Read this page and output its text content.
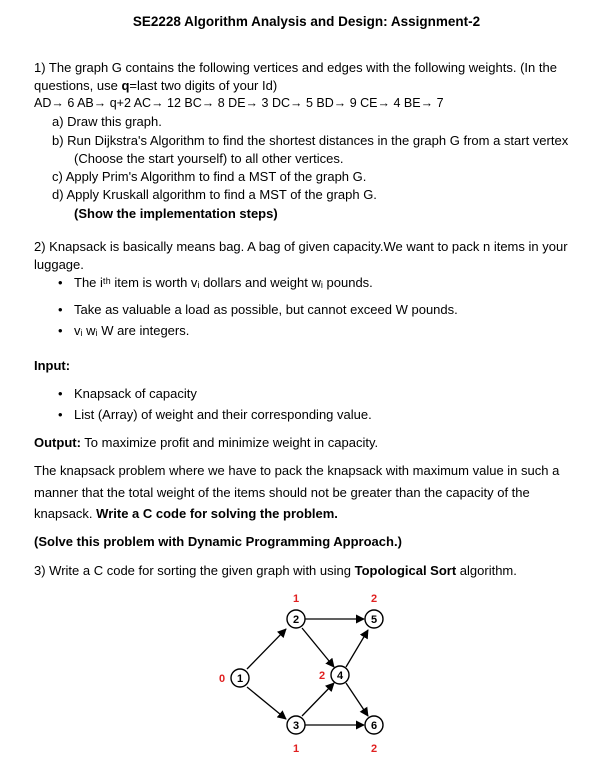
SE2228 Algorithm Analysis and Design: Assignment-2
1) The graph G contains the following vertices and edges with the following weights. (In the
questions, use q=last two digits of your Id)
AD→ 6 AB→ q+2 AC→ 12 BC→ 8 DE→ 3 DC→ 5 BD→ 9 CE→ 4 BE→ 7
a) Draw this graph.
b) Run Dijkstra's Algorithm to find the shortest distances in the graph G from a start vertex
(Choose the start yourself) to all other vertices.
c) Apply Prim's Algorithm to find a MST of the graph G.
d) Apply Kruskall algorithm to find a MST of the graph G.
(Show the implementation steps)
2) Knapsack is basically means bag. A bag of given capacity.We want to pack n items in your
luggage.
• The iᵗʰ item is worth vᵢ dollars and weight wᵢ pounds.
• Take as valuable a load as possible, but cannot exceed W pounds.
• vᵢ wᵢ W are integers.
Input:
• Knapsack of capacity
• List (Array) of weight and their corresponding value.
Output: To maximize profit and minimize weight in capacity.
The knapsack problem where we have to pack the knapsack with maximum value in such a
manner that the total weight of the items should not be greater than the capacity of the
knapsack. Write a C code for solving the problem.
(Solve this problem with Dynamic Programming Approach.)
3) Write a C code for sorting the given graph with using Topological Sort algorithm.
1
2
3
4
5
6
0
1
1
2
2
2
